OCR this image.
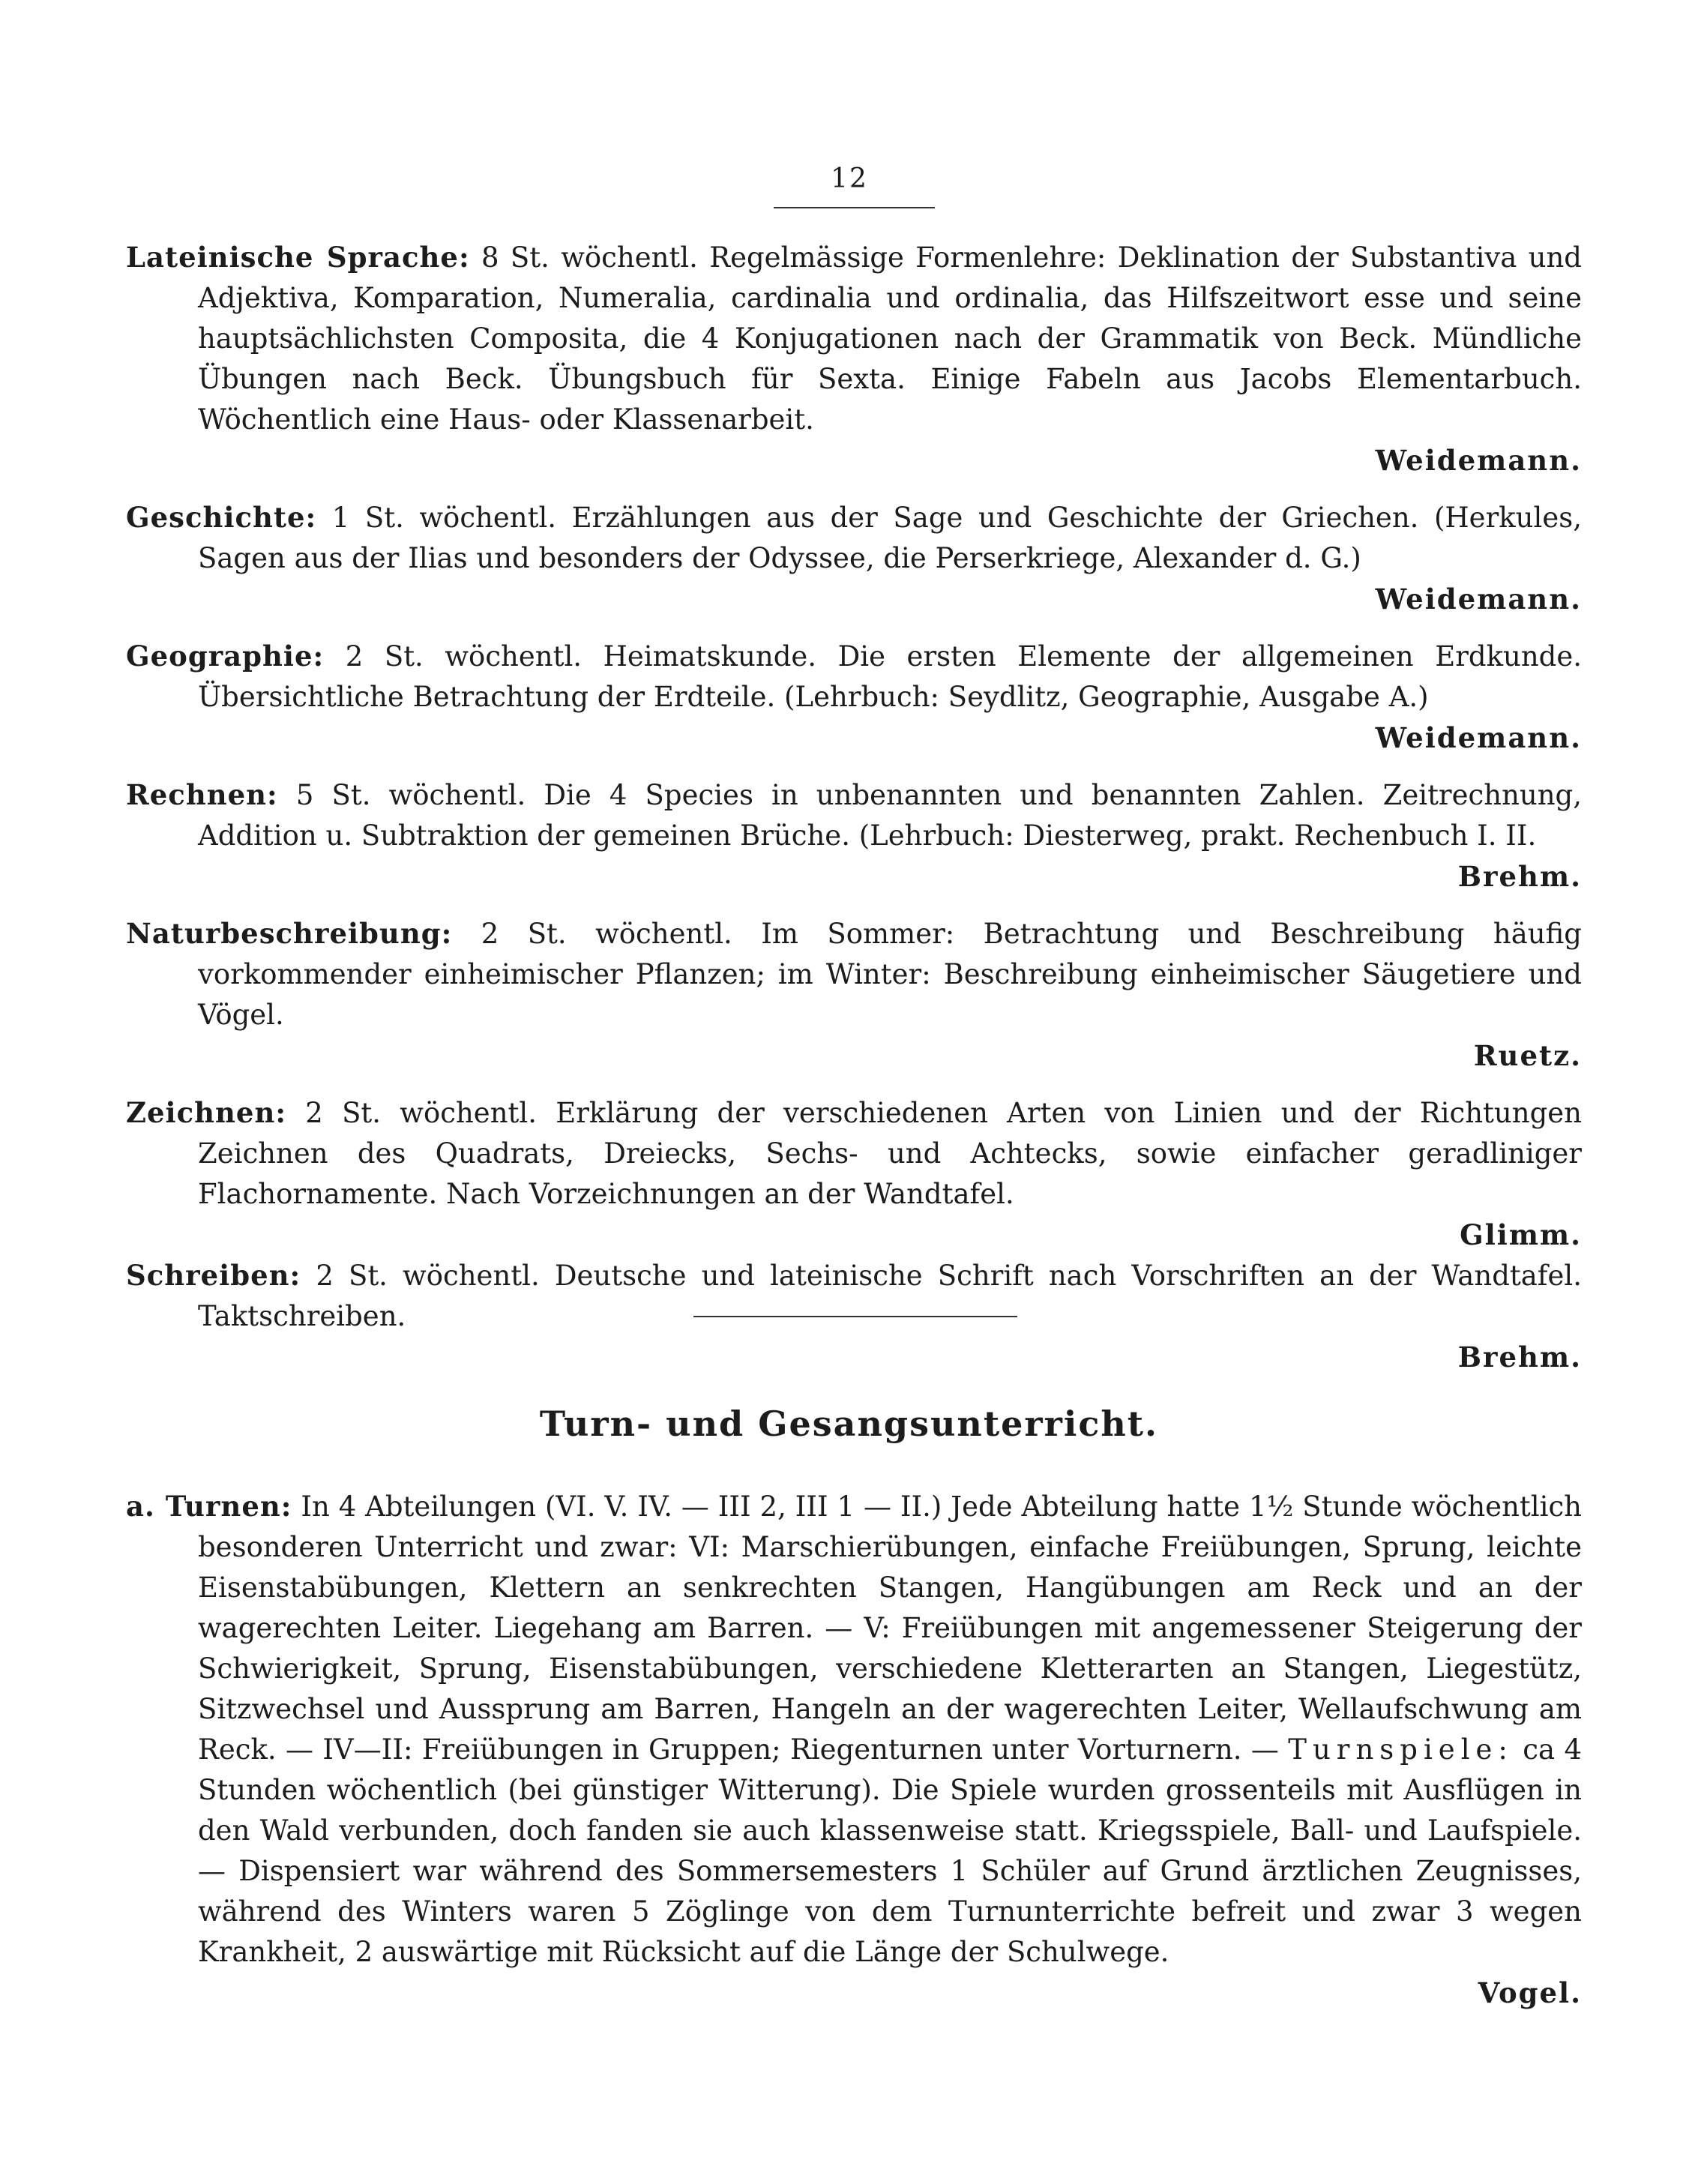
12
Lateinische Sprache: 8 St. wöchentl. Regelmässige Formenlehre: Deklination der Substantiva und Adjektiva, Komparation, Numeralia, cardinalia und ordinalia, das Hilfszeitwort esse und seine hauptsächlichsten Composita, die 4 Konjugationen nach der Grammatik von Beck. Mündliche Übungen nach Beck. Übungsbuch für Sexta. Einige Fabeln aus Jacobs Elementarbuch. Wöchentlich eine Haus- oder Klassenarbeit.
Weidemann.
Geschichte: 1 St. wöchentl. Erzählungen aus der Sage und Geschichte der Griechen. (Herkules, Sagen aus der Ilias und besonders der Odyssee, die Perserkriege, Alexander d. G.)
Weidemann.
Geographie: 2 St. wöchentl. Heimatskunde. Die ersten Elemente der allgemeinen Erdkunde. Übersichtliche Betrachtung der Erdteile. (Lehrbuch: Seydlitz, Geographie, Ausgabe A.)
Weidemann.
Rechnen: 5 St. wöchentl. Die 4 Species in unbenannten und benannten Zahlen. Zeitrechnung, Addition u. Subtraktion der gemeinen Brüche. (Lehrbuch: Diesterweg, prakt. Rechenbuch I. II.
Brehm.
Naturbeschreibung: 2 St. wöchentl. Im Sommer: Betrachtung und Beschreibung häufig vorkommender einheimischer Pflanzen; im Winter: Beschreibung einheimischer Säugetiere und Vögel.
Ruetz.
Zeichnen: 2 St. wöchentl. Erklärung der verschiedenen Arten von Linien und der Richtungen Zeichnen des Quadrats, Dreiecks, Sechs- und Achtecks, sowie einfacher geradliniger Flachornamente. Nach Vorzeichnungen an der Wandtafel.
Glimm.
Schreiben: 2 St. wöchentl. Deutsche und lateinische Schrift nach Vorschriften an der Wandtafel. Taktschreiben.
Brehm.
Turn- und Gesangsunterricht.
a. Turnen: In 4 Abteilungen (VI. V. IV. — III 2, III 1 — II.) Jede Abteilung hatte 1½ Stunde wöchentlich besonderen Unterricht und zwar: VI: Marschierübungen, einfache Freiübungen, Sprung, leichte Eisenstabübungen, Klettern an senkrechten Stangen, Hangübungen am Reck und an der wagerechten Leiter. Liegehang am Barren. — V: Freiübungen mit angemessener Steigerung der Schwierigkeit, Sprung, Eisenstabübungen, verschiedene Kletterarten an Stangen, Liegestütz, Sitzwechsel und Aussprung am Barren, Hangeln an der wagerechten Leiter, Wellaufschwung am Reck. — IV—II: Freiübungen in Gruppen; Riegenturnen unter Vorturnern. — Turnspiele: ca 4 Stunden wöchentlich (bei günstiger Witterung). Die Spiele wurden grossenteils mit Ausflügen in den Wald verbunden, doch fanden sie auch klassenweise statt. Kriegsspiele, Ball- und Laufspiele. — Dispensiert war während des Sommersemesters 1 Schüler auf Grund ärztlichen Zeugnisses, während des Winters waren 5 Zöglinge von dem Turnunterrichte befreit und zwar 3 wegen Krankheit, 2 auswärtige mit Rücksicht auf die Länge der Schulwege.
Vogel.
